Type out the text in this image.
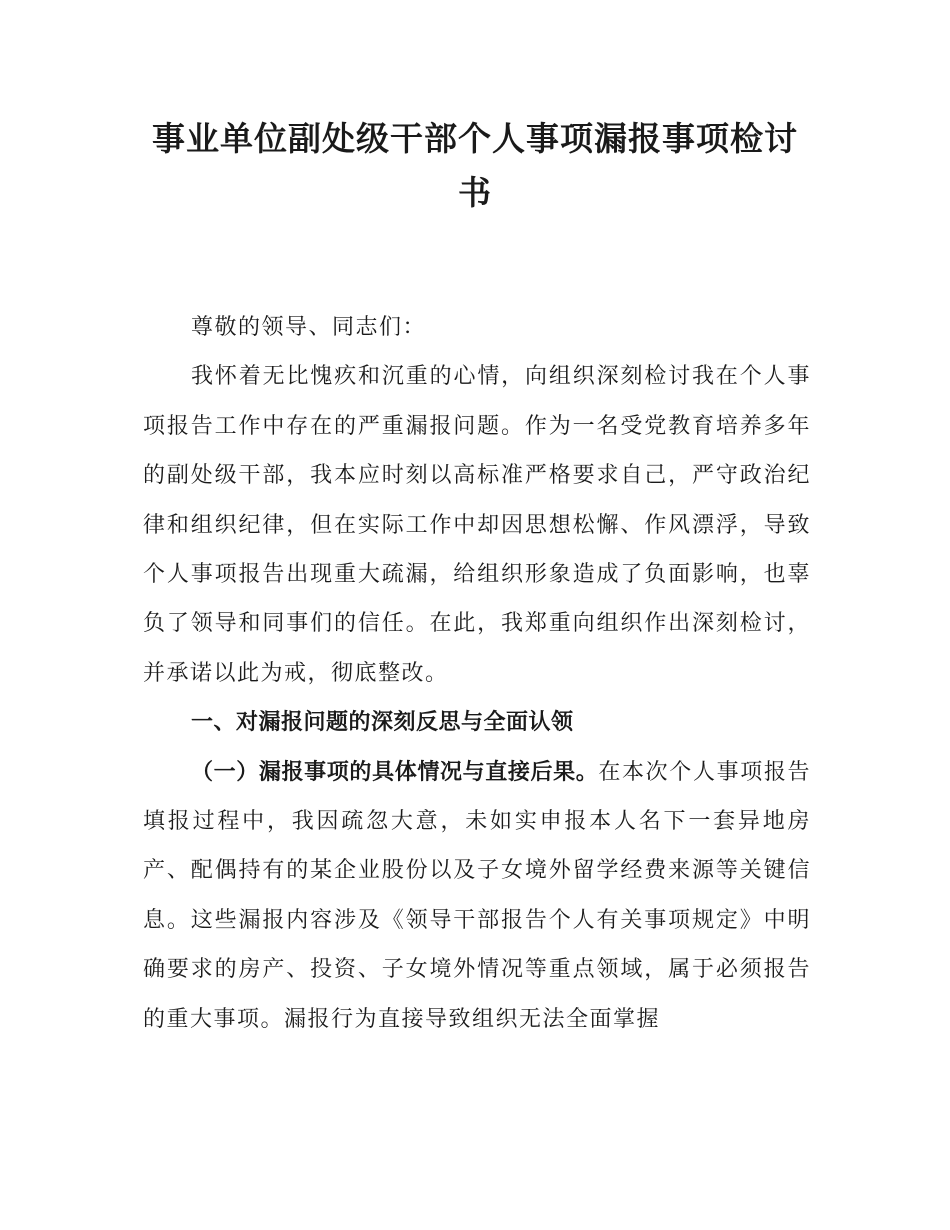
事业单位副处级干部个人事项漏报事项检讨书

尊敬的领导、同志们：

我怀着无比愧疚和沉重的心情，向组织深刻检讨我在个人事项报告工作中存在的严重漏报问题。作为一名受党教育培养多年的副处级干部，我本应时刻以高标准严格要求自己，严守政治纪律和组织纪律，但在实际工作中却因思想松懈、作风漂浮，导致个人事项报告出现重大疏漏，给组织形象造成了负面影响，也辜负了领导和同事们的信任。在此，我郑重向组织作出深刻检讨，并承诺以此为戒，彻底整改。

一、对漏报问题的深刻反思与全面认领

（一）漏报事项的具体情况与直接后果。在本次个人事项报告填报过程中，我因疏忽大意，未如实申报本人名下一套异地房产、配偶持有的某企业股份以及子女境外留学经费来源等关键信息。这些漏报内容涉及《领导干部报告个人有关事项规定》中明确要求的房产、投资、子女境外情况等重点领域，属于必须报告的重大事项。漏报行为直接导致组织无法全面掌握
